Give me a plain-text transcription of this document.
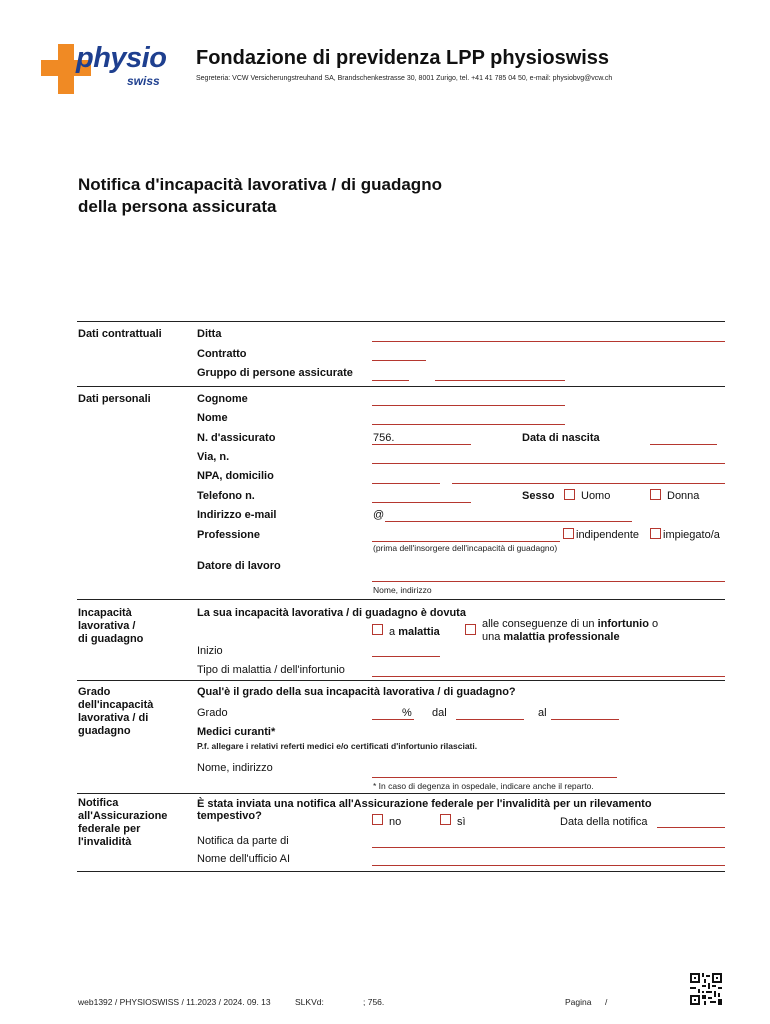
physio
swiss
Fondazione di previdenza LPP physioswiss
Segreteria: VCW Versicherungstreuhand SA, Brandschenkestrasse 30, 8001 Zurigo, tel. +41 41 785 04 50, e-mail: physiobvg@vcw.ch
Notifica d'incapacità lavorativa / di guadagno
della persona assicurata
Dati contrattuali	Ditta
Contratto
Gruppo di persone assicurate
Dati personali	Cognome
Nome
N. d'assicurato	756.	Data di nascita
Via, n.
NPA, domicilio
Telefono n.	Sesso Uomo	Donna
Indirizzo e-mail	@
Professione	indipendente impiegato/a
(prima dell'insorgere dell'incapacità di guadagno)
Datore di lavoro
Nome, indirizzo
Incapacità
lavorativa /
di guadagno
La sua incapacità lavorativa / di guadagno è dovuta
a malattia
alle conseguenze di un infortunio o
una malattia professionale
Inizio
Tipo di malattia / dell'infortunio
Grado
dell'incapacità
lavorativa / di
guadagno
Qual'è il grado della sua incapacità lavorativa / di guadagno?
Grado	% dal	al
Medici curanti*
P.f. allegare i relativi referti medici e/o certificati d'infortunio rilasciati.
Nome, indirizzo
* In caso di degenza in ospedale, indicare anche il reparto.
Notifica
all'Assicurazione
federale per
l'invalidità
È stata inviata una notifica all'Assicurazione federale per l'invalidità per un rilevamento
tempestivo?	no	sì	Data della notifica
Notifica da parte di
Nome dell'ufficio AI
web1392 / PHYSIOSWISS / 11.2023 / 2024. 09. 13	SLKVd:	; 756.	Pagina /
